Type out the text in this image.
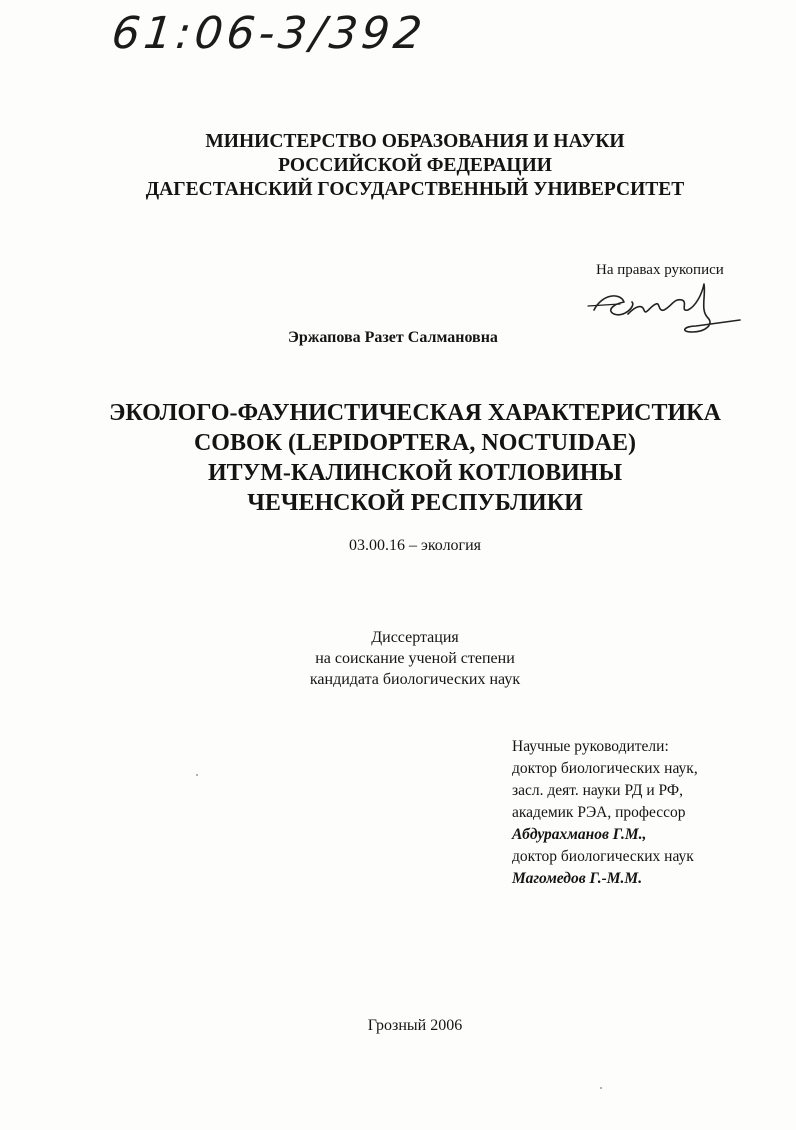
61:06-3/392
МИНИСТЕРСТВО ОБРАЗОВАНИЯ И НАУКИ
РОССИЙСКОЙ ФЕДЕРАЦИИ
ДАГЕСТАНСКИЙ ГОСУДАРСТВЕННЫЙ УНИВЕРСИТЕТ
На правах рукописи
Эржапова Разет Салмановна
ЭКОЛОГО-ФАУНИСТИЧЕСКАЯ ХАРАКТЕРИСТИКА
СОВОК (LEPIDOPTERA, NOCTUIDAE)
ИТУМ-КАЛИНСКОЙ КОТЛОВИНЫ
ЧЕЧЕНСКОЙ РЕСПУБЛИКИ
03.00.16 – экология
Диссертация
на соискание ученой степени
кандидата биологических наук
Научные руководители:
доктор биологических наук,
засл. деят. науки РД и РФ,
академик РЭА, профессор
Абдурахманов Г.М.,
доктор биологических наук
Магомедов Г.-М.М.
Грозный 2006
